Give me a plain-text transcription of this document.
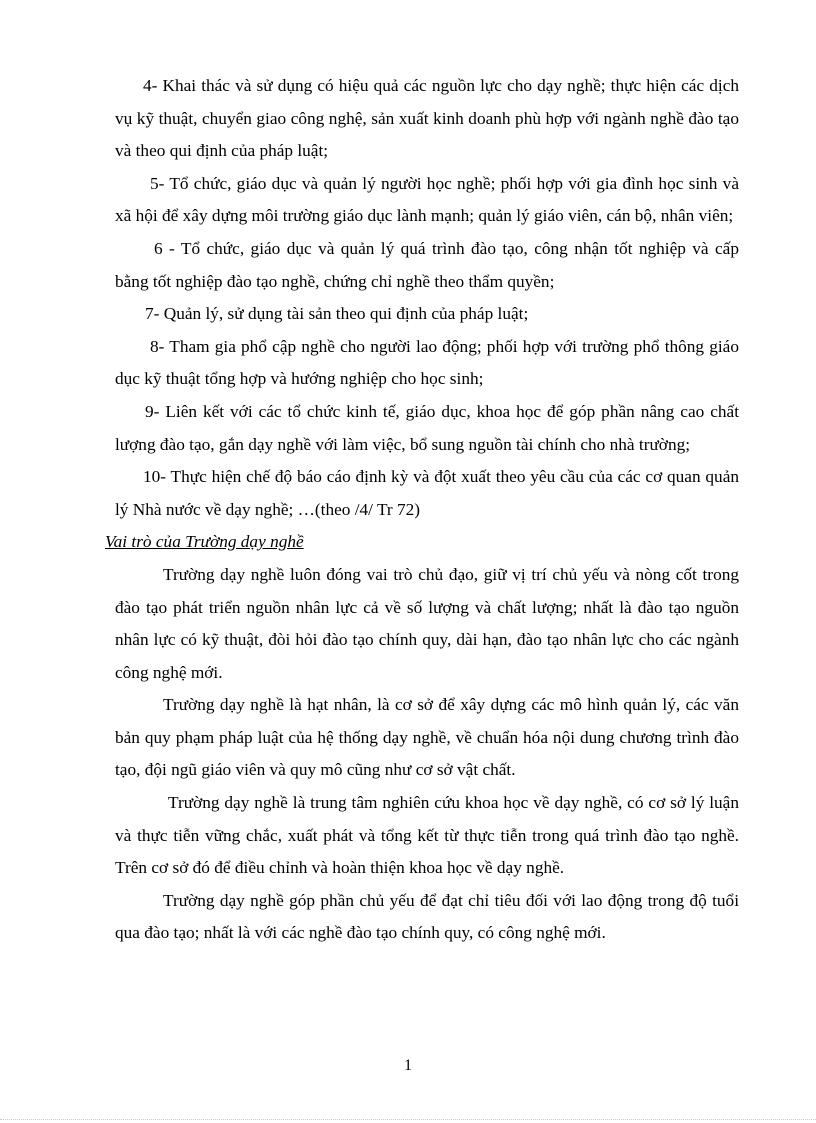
4- Khai thác và sử dụng có hiệu quả các nguồn lực cho dạy nghề; thực hiện các dịch vụ kỹ thuật, chuyển giao công nghệ, sản xuất kinh doanh phù hợp với ngành nghề đào tạo và theo qui định của pháp luật;

5- Tổ chức, giáo dục và quản lý người học nghề; phối hợp với gia đình học sinh và xã hội để xây dựng môi trường giáo dục lành mạnh; quản lý giáo viên, cán bộ, nhân viên;

6 - Tổ chức, giáo dục và quản lý quá trình đào tạo, công nhận tốt nghiệp và cấp bằng tốt nghiệp đào tạo nghề, chứng chỉ nghề theo thẩm quyền;

7- Quản lý, sử dụng tài sản theo qui định của pháp luật;

8- Tham gia phổ cập nghề cho người lao động; phối hợp với trường phổ thông giáo dục kỹ thuật tổng hợp và hướng nghiệp cho học sinh;

9- Liên kết với các tổ chức kinh tế, giáo dục, khoa học để góp phần nâng cao chất lượng đào tạo, gắn dạy nghề với làm việc, bổ sung nguồn tài chính cho nhà trường;

10- Thực hiện chế độ báo cáo định kỳ và đột xuất theo yêu cầu của các cơ quan quản lý Nhà nước về dạy nghề; …(theo /4/ Tr 72)

Vai trò của Trường dạy nghề

Trường dạy nghề luôn đóng vai trò chủ đạo, giữ vị trí chủ yếu và nòng cốt trong đào tạo phát triển nguồn nhân lực cả về số lượng và chất lượng; nhất là đào tạo nguồn nhân lực có kỹ thuật, đòi hỏi đào tạo chính quy, dài hạn, đào tạo nhân lực cho các ngành công nghệ mới.

Trường dạy nghề là hạt nhân, là cơ sở để xây dựng các mô hình quản lý, các văn bản quy phạm pháp luật của hệ thống dạy nghề, về chuẩn hóa nội dung chương trình đào tạo, đội ngũ giáo viên và quy mô cũng như cơ sở vật chất.

Trường dạy nghề là trung tâm nghiên cứu khoa học về dạy nghề, có cơ sở lý luận và thực tiễn vững chắc, xuất phát và tổng kết từ thực tiễn trong quá trình đào tạo nghề. Trên cơ sở đó để điều chỉnh và hoàn thiện khoa học về dạy nghề.

Trường dạy nghề góp phần chủ yếu để đạt chỉ tiêu đối với lao động trong độ tuổi qua đào tạo; nhất là với các nghề đào tạo chính quy, có công nghệ mới.

1
